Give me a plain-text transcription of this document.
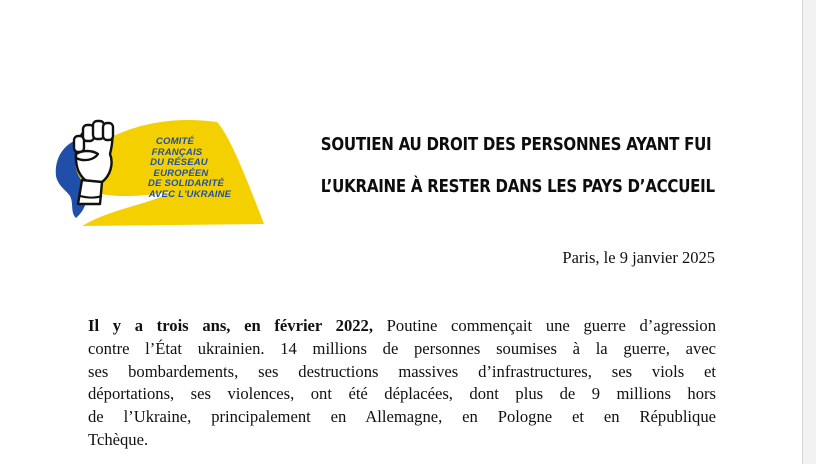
COMITÉ
FRANÇAIS
DU RÉSEAU
EUROPÉEN
DE SOLIDARITÉ
AVEC L'UKRAINE
SOUTIEN AU DROIT DES PERSONNES AYANT FUI
L’UKRAINE À RESTER DANS LES PAYS D’ACCUEIL
Paris, le 9 janvier 2025
Il y a trois ans, en février 2022, Poutine commençait une guerre d’agression
contre l’État ukrainien. 14 millions de personnes soumises à la guerre, avec
ses bombardements, ses destructions massives d’infrastructures, ses viols et
déportations, ses violences, ont été déplacées, dont plus de 9 millions hors
de l’Ukraine, principalement en Allemagne, en Pologne et en République
Tchèque.
